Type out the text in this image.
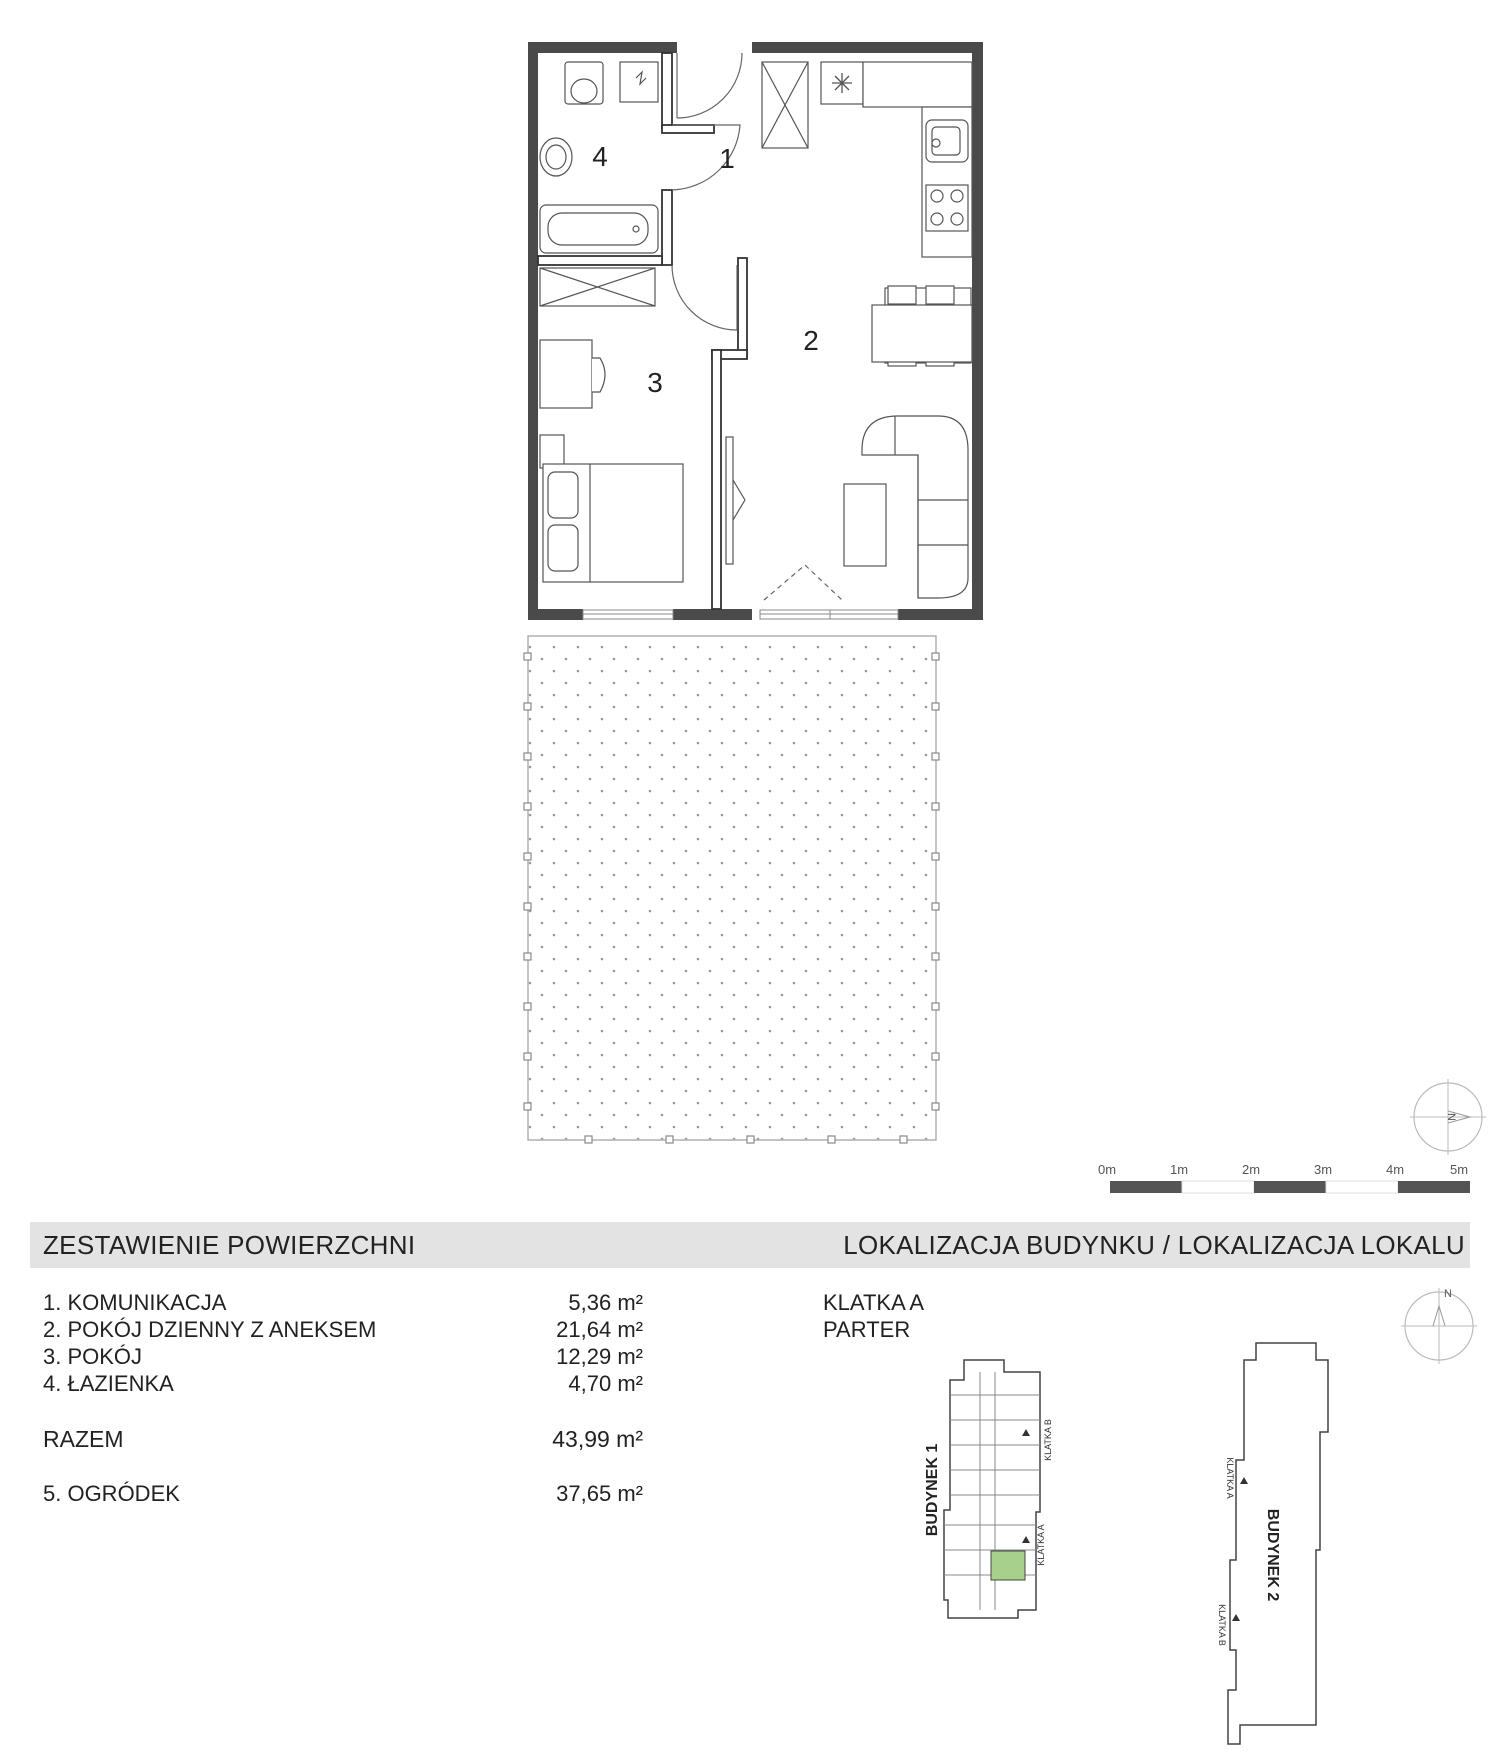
1
2
3
4
N
N
BUDYNEK 1
BUDYNEK 2
KLATKA B
KLATKA A
KLATKA A
KLATKA B
0m	1m	2m	3m	4m	5m
ZESTAWIENIE POWIERZCHNI	LOKALIZACJA BUDYNKU / LOKALIZACJA LOKALU
1. KOMUNIKACJA	5,36 m²
2. POKÓJ DZIENNY Z ANEKSEM	21,64 m²
3. POKÓJ	12,29 m²
4. ŁAZIENKA	4,70 m²
RAZEM	43,99 m²
5. OGRÓDEK	37,65 m²
KLATKA A
PARTER
